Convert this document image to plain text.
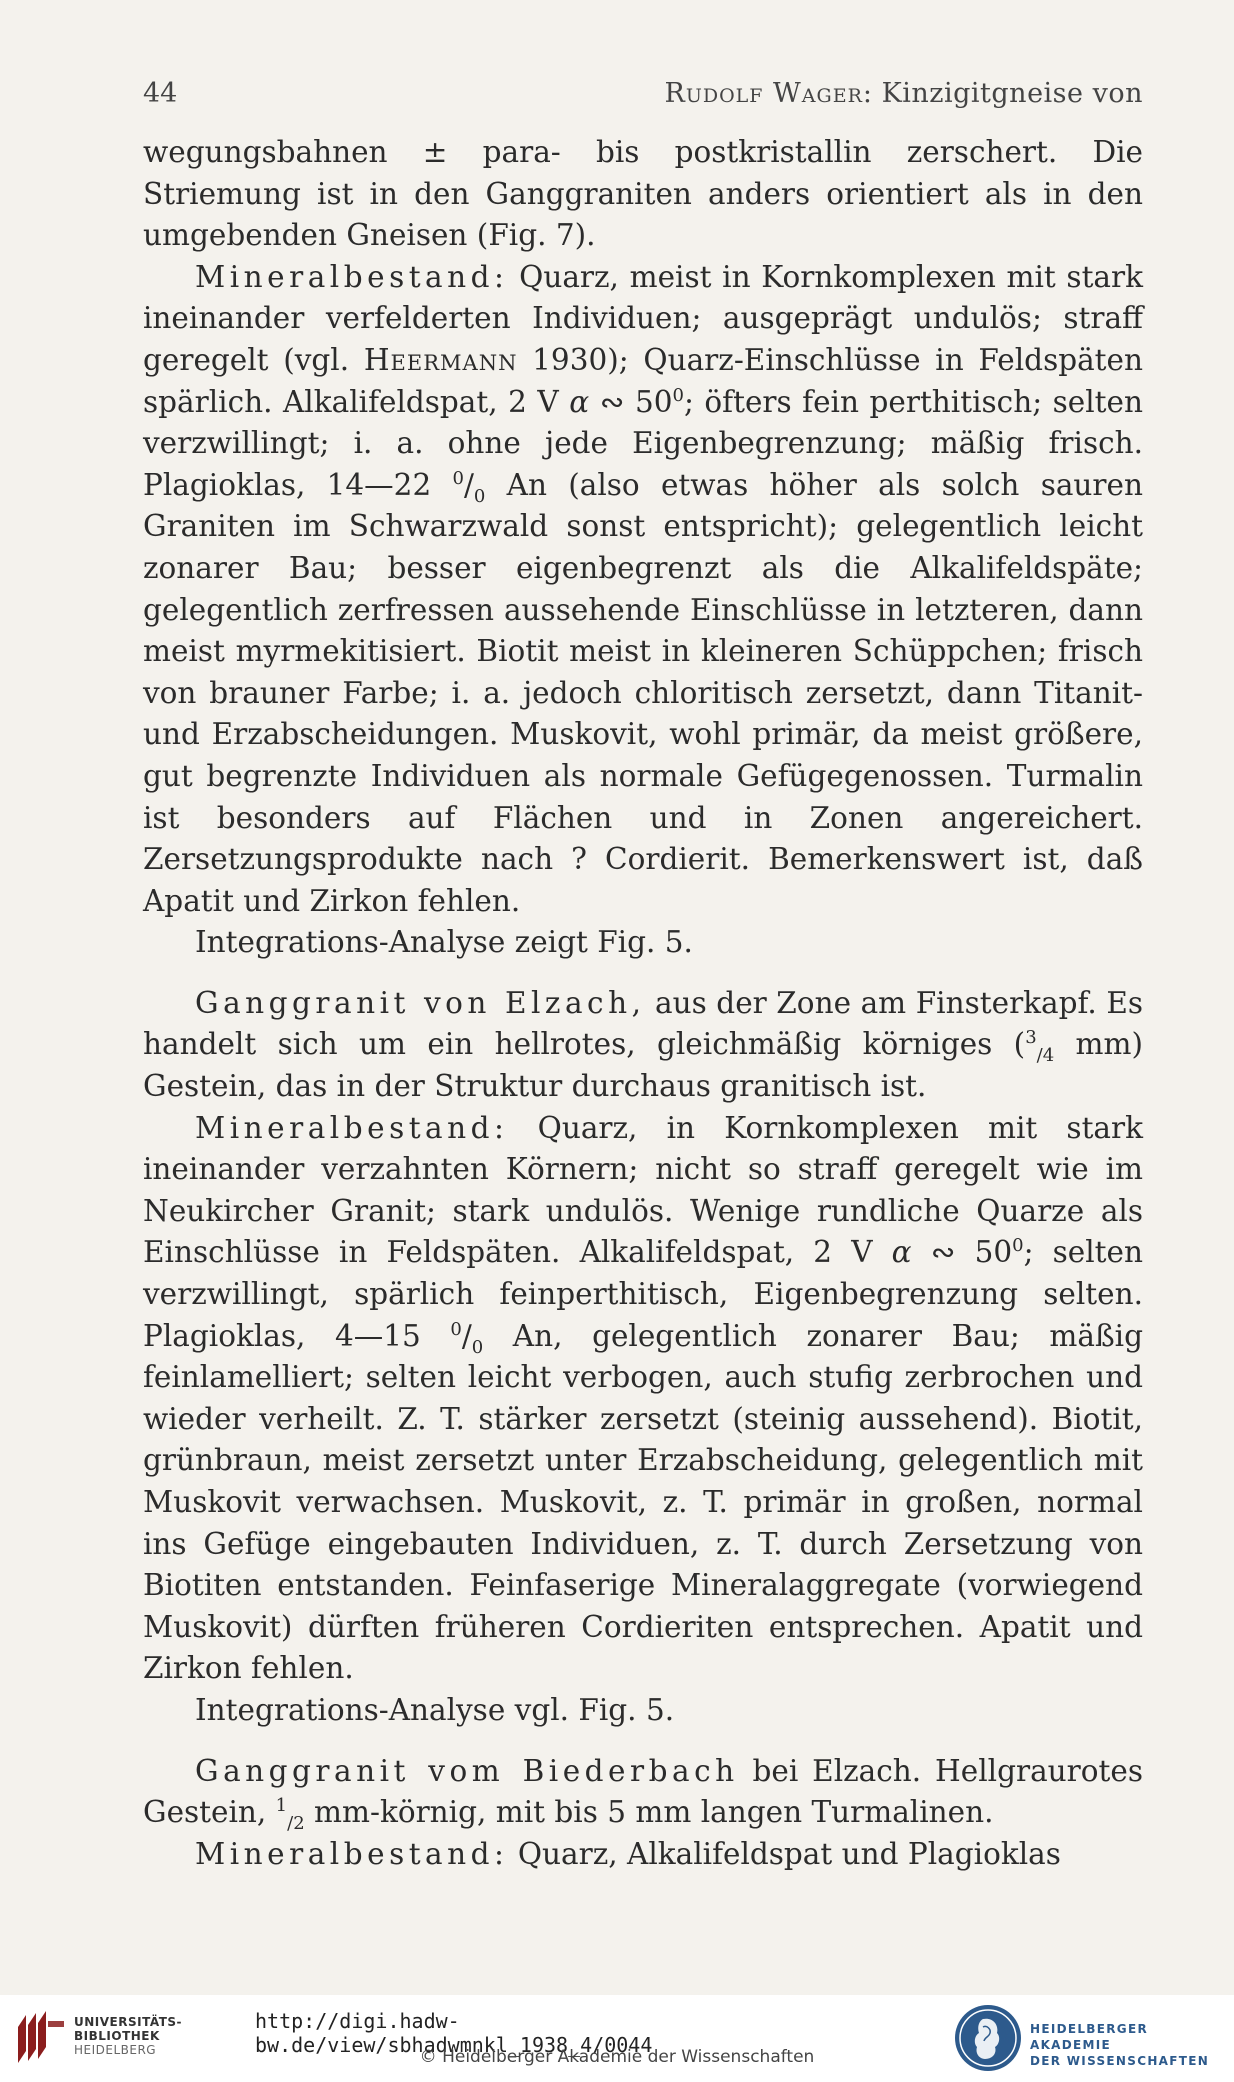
44	Rudolf Wager: Kinzigitgneise von

wegungsbahnen ± para- bis postkristallin zerschert. Die Striemung ist in den Ganggraniten anders orientiert als in den umgebenden Gneisen (Fig. 7).

Mineralbestand: Quarz, meist in Kornkomplexen mit stark ineinander verfelderten Individuen; ausgeprägt undulös; straff geregelt (vgl. Heermann 1930); Quarz-Einschlüsse in Feldspäten spärlich. Alkalifeldspat, 2 V α ∾ $50^0$; öfters fein perthitisch; selten verzwillingt; i. a. ohne jede Eigenbegrenzung; mäßig frisch. Plagioklas, 14—22 $^0/_0$ An (also etwas höher als solch sauren Graniten im Schwarzwald sonst entspricht); gelegentlich leicht zonarer Bau; besser eigenbegrenzt als die Alkalifeldspäte; gelegentlich zerfressen aussehende Einschlüsse in letzteren, dann meist myrmekitisiert. Biotit meist in kleineren Schüppchen; frisch von brauner Farbe; i. a. jedoch chloritisch zersetzt, dann Titanit- und Erzabscheidungen. Muskovit, wohl primär, da meist größere, gut begrenzte Individuen als normale Gefügegenossen. Turmalin ist besonders auf Flächen und in Zonen angereichert. Zersetzungsprodukte nach ? Cordierit. Bemerkenswert ist, daß Apatit und Zirkon fehlen.

Integrations-Analyse zeigt Fig. 5.

Ganggranit von Elzach, aus der Zone am Finsterkapf. Es handelt sich um ein hellrotes, gleichmäßig körniges ($^3_{/4}$ mm) Gestein, das in der Struktur durchaus granitisch ist.

Mineralbestand: Quarz, in Kornkomplexen mit stark ineinander verzahnten Körnern; nicht so straff geregelt wie im Neukircher Granit; stark undulös. Wenige rundliche Quarze als Einschlüsse in Feldspäten. Alkalifeldspat, 2 V α ∾ $50^0$; selten verzwillingt, spärlich feinperthitisch, Eigenbegrenzung selten. Plagioklas, 4—15 $^0/_0$ An, gelegentlich zonarer Bau; mäßig feinlamelliert; selten leicht verbogen, auch stufig zerbrochen und wieder verheilt. Z. T. stärker zersetzt (steinig aussehend). Biotit, grünbraun, meist zersetzt unter Erzabscheidung, gelegentlich mit Muskovit verwachsen. Muskovit, z. T. primär in großen, normal ins Gefüge eingebauten Individuen, z. T. durch Zersetzung von Biotiten entstanden. Feinfaserige Mineralaggregate (vorwiegend Muskovit) dürften früheren Cordieriten entsprechen. Apatit und Zirkon fehlen.

Integrations-Analyse vgl. Fig. 5.

Ganggranit vom Biederbach bei Elzach. Hellgraurotes Gestein, $^1_{/2}$ mm-körnig, mit bis 5 mm langen Turmalinen.

Mineralbestand: Quarz, Alkalifeldspat und Plagioklas

UNIVERSITÄTS-
BIBLIOTHEK
HEIDELBERG
http://digi.hadw-bw.de/view/sbhadwmnkl_1938_4/0044
© Heidelberger Akademie der Wissenschaften
HEIDELBERGER AKADEMIE
DER WISSENSCHAFTEN
